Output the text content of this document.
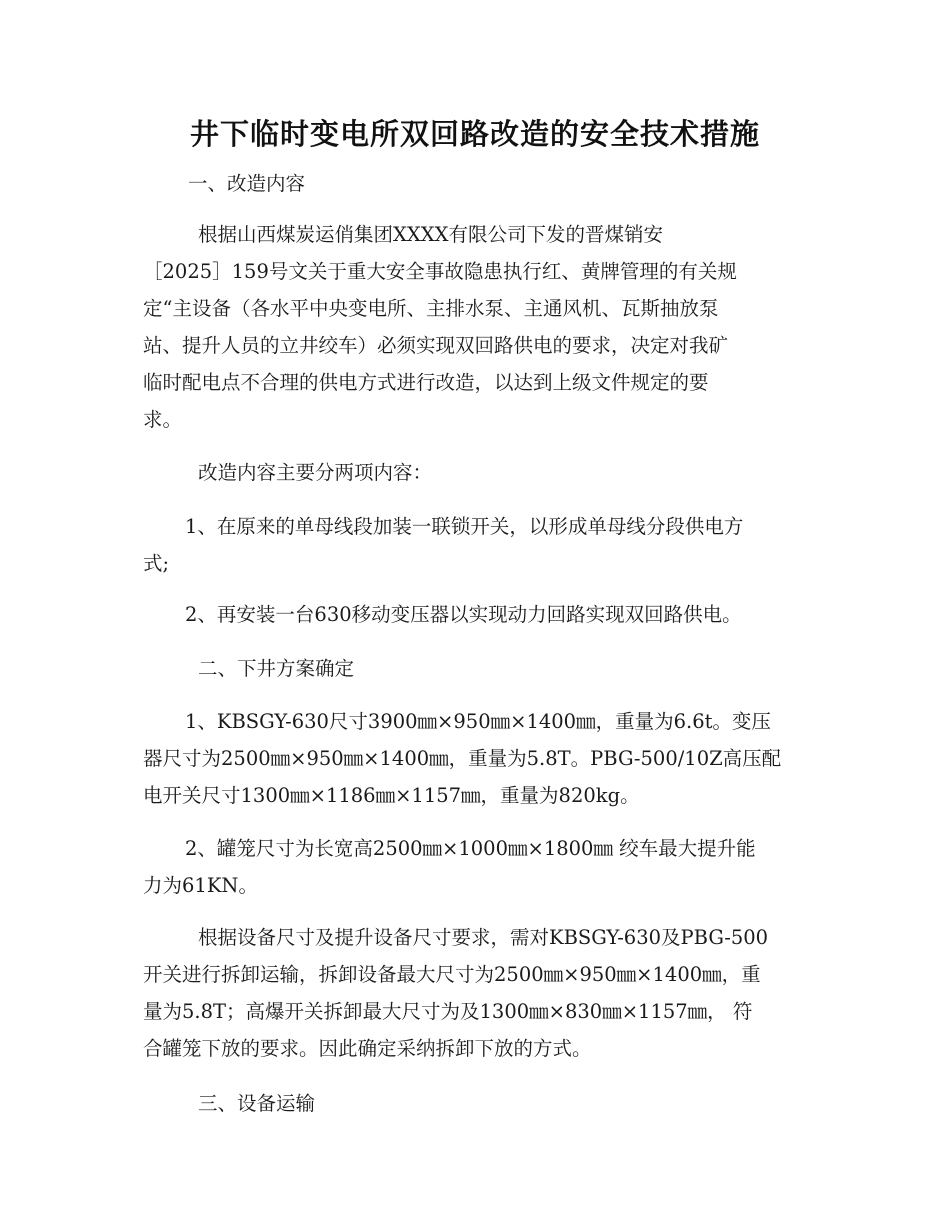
井下临时变电所双回路改造的安全技术措施
一、改造内容
根据山西煤炭运俏集团XXXX有限公司下发的晋煤销安
［2025］159号文关于重大安全事故隐患执行红、黄牌管理的有关规
定“主设备（各水平中央变电所、主排水泵、主通风机、瓦斯抽放泵
站、提升人员的立井绞车）必须实现双回路供电的要求，决定对我矿
临时配电点不合理的供电方式进行改造，以达到上级文件规定的要
求。
改造内容主要分两项内容：
1、在原来的单母线段加装一联锁开关，以形成单母线分段供电方
式;
2、再安装一台630移动变压器以实现动力回路实现双回路供电。
二、下井方案确定
1、KBSGY-630尺寸3900㎜×950㎜×1400㎜，重量为6.6t。变压
器尺寸为2500㎜×950㎜×1400㎜，重量为5.8T。PBG-500/10Z高压配
电开关尺寸1300㎜×1186㎜×1157㎜，重量为820kg。
2、罐笼尺寸为长宽高2500㎜×1000㎜×1800㎜ 绞车最大提升能
力为61KN。
根据设备尺寸及提升设备尺寸要求，需对KBSGY-630及PBG-500
开关进行拆卸运输，拆卸设备最大尺寸为2500㎜×950㎜×1400㎜，重
量为5.8T；高爆开关拆卸最大尺寸为及1300㎜×830㎜×1157㎜， 符
合罐笼下放的要求。因此确定采纳拆卸下放的方式。
三、设备运输
